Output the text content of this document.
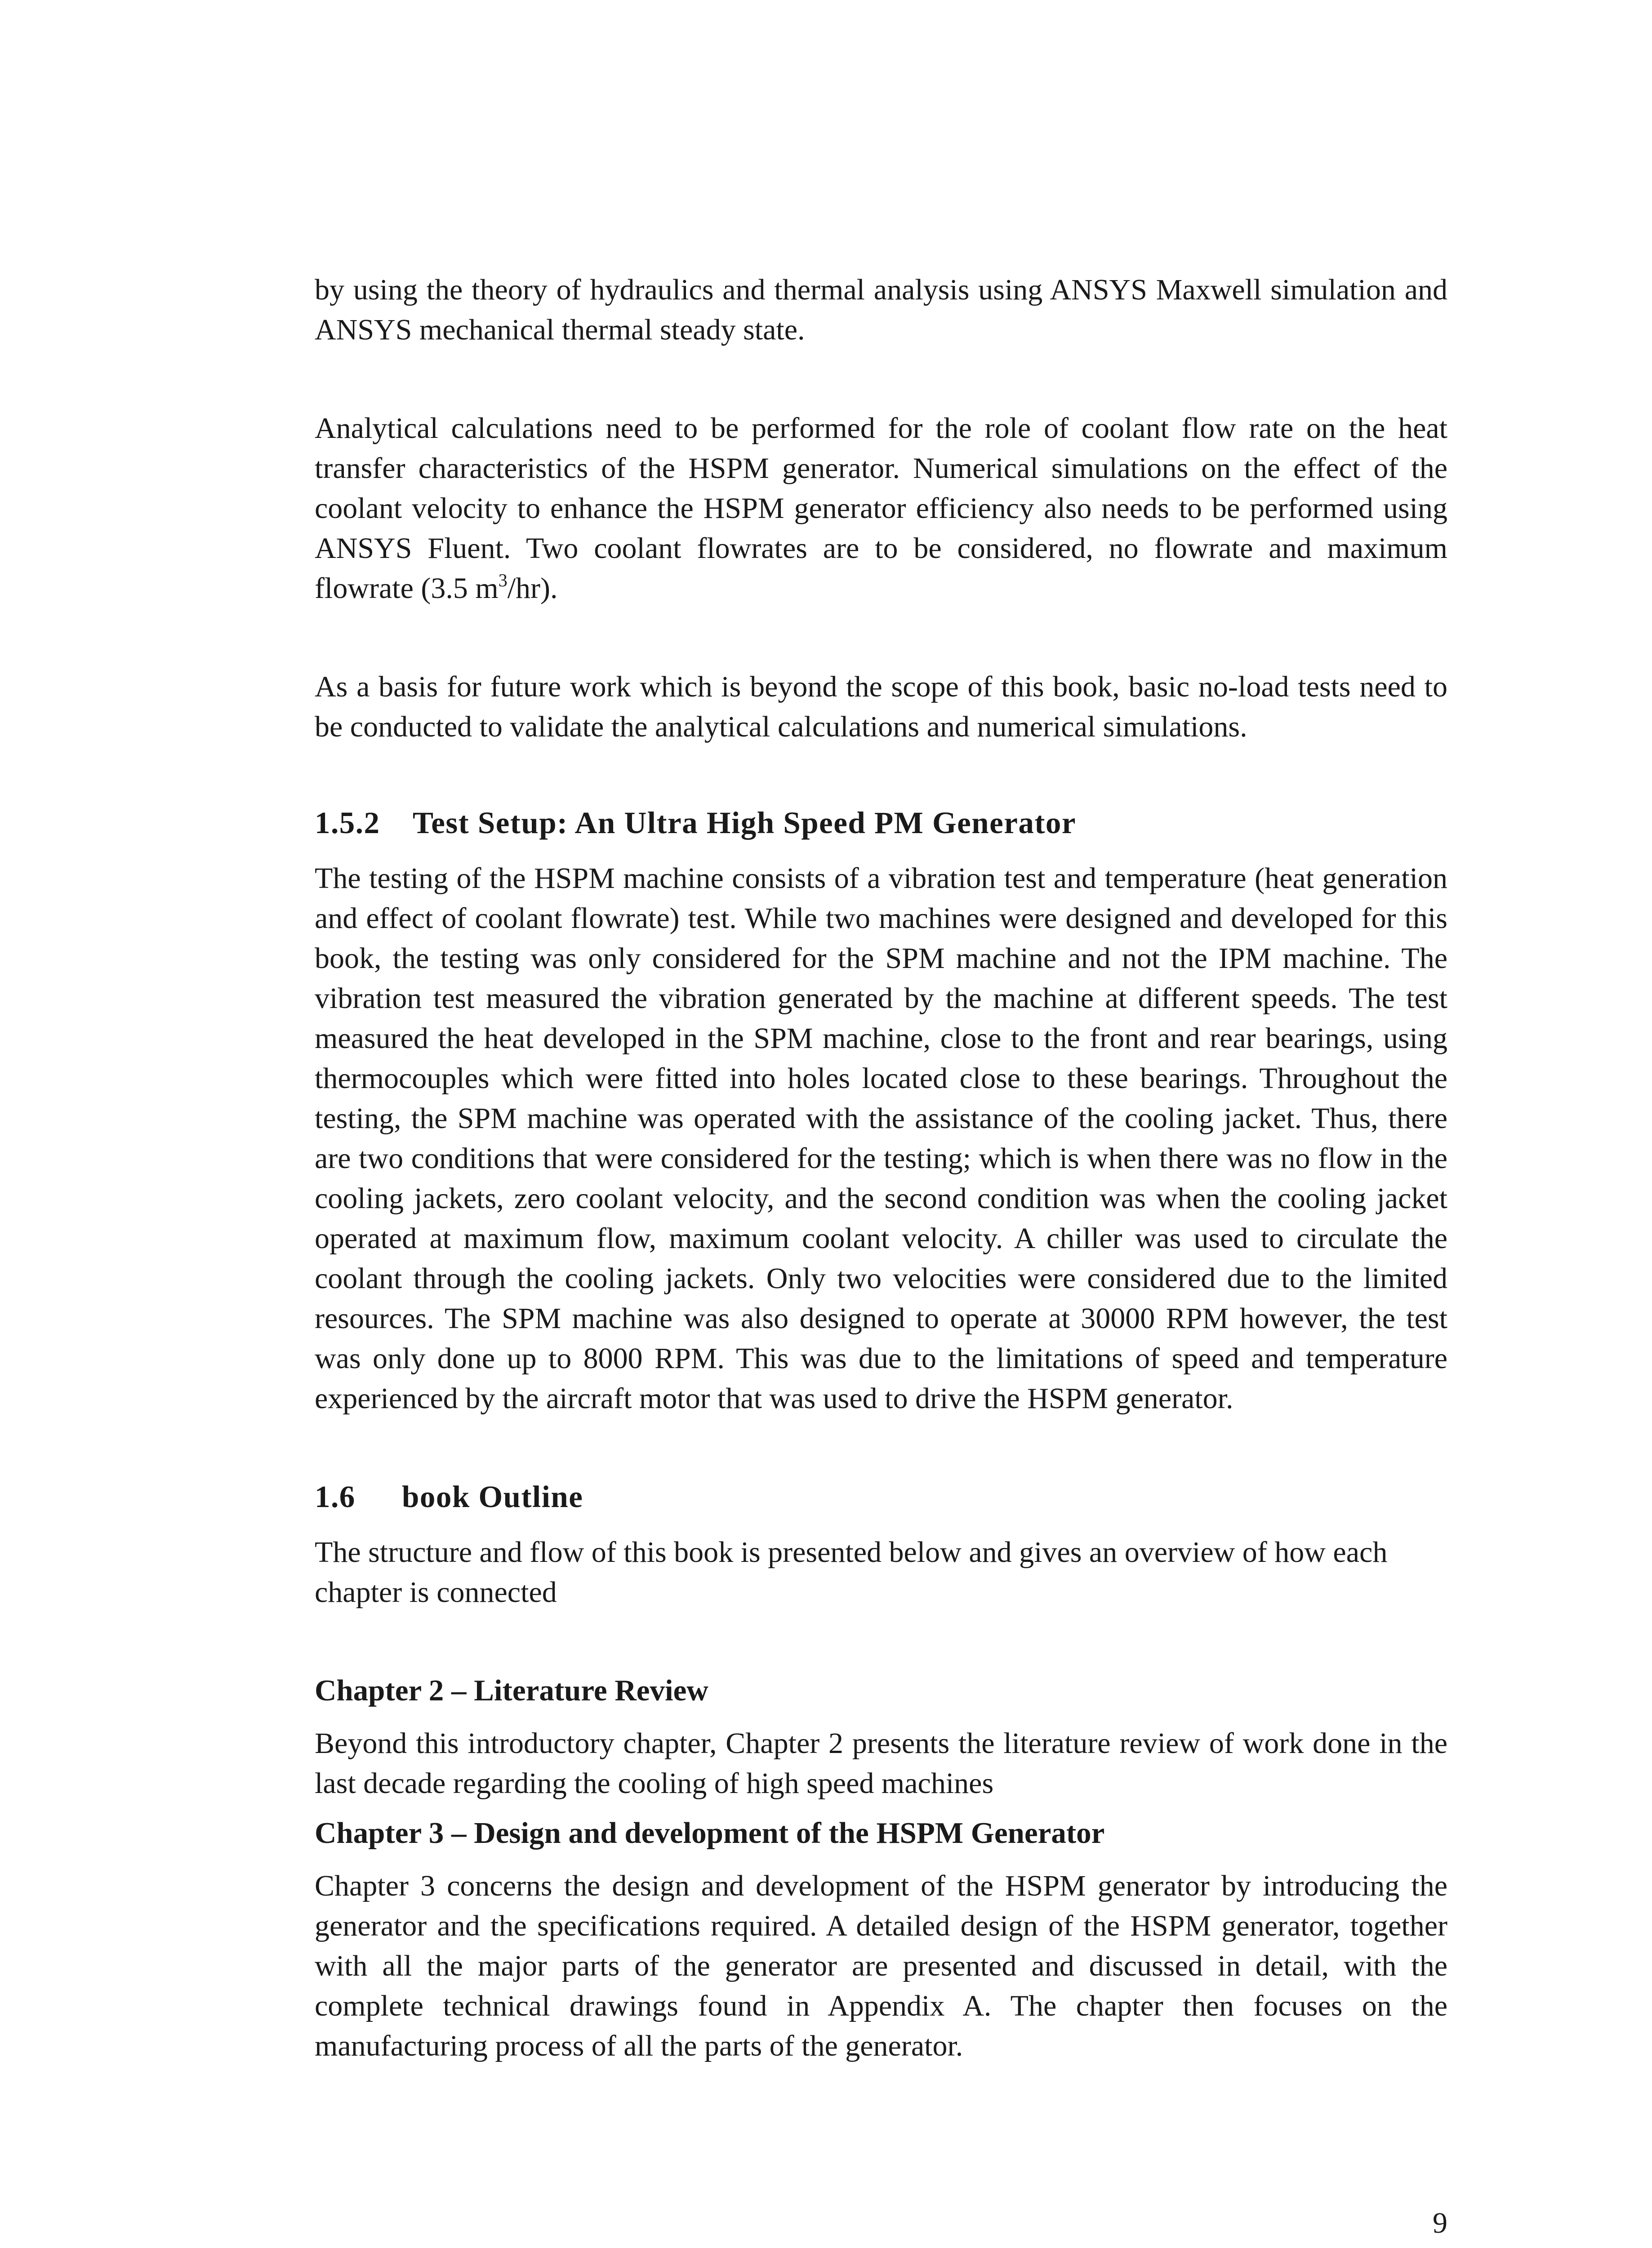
by using the theory of hydraulics and thermal analysis using ANSYS Maxwell simulation and ANSYS mechanical thermal steady state.

Analytical calculations need to be performed for the role of coolant flow rate on the heat transfer characteristics of the HSPM generator. Numerical simulations on the effect of the coolant velocity to enhance the HSPM generator efficiency also needs to be performed using ANSYS Fluent. Two coolant flowrates are to be considered, no flowrate and maximum flowrate (3.5 $m^3/hr$).

As a basis for future work which is beyond the scope of this book, basic no-load tests need to be conducted to validate the analytical calculations and numerical simulations.

1.5.2 Test Setup: An Ultra High Speed PM Generator

The testing of the HSPM machine consists of a vibration test and temperature (heat generation and effect of coolant flowrate) test. While two machines were designed and developed for this book, the testing was only considered for the SPM machine and not the IPM machine. The vibration test measured the vibration generated by the machine at different speeds. The test measured the heat developed in the SPM machine, close to the front and rear bearings, using thermocouples which were fitted into holes located close to these bearings. Throughout the testing, the SPM machine was operated with the assistance of the cooling jacket. Thus, there are two conditions that were considered for the testing; which is when there was no flow in the cooling jackets, zero coolant velocity, and the second condition was when the cooling jacket operated at maximum flow, maximum coolant velocity. A chiller was used to circulate the coolant through the cooling jackets. Only two velocities were considered due to the limited resources. The SPM machine was also designed to operate at 30000 RPM however, the test was only done up to 8000 RPM. This was due to the limitations of speed and temperature experienced by the aircraft motor that was used to drive the HSPM generator.

1.6 book Outline

The structure and flow of this book is presented below and gives an overview of how each chapter is connected

Chapter 2 – Literature Review

Beyond this introductory chapter, Chapter 2 presents the literature review of work done in the last decade regarding the cooling of high speed machines

Chapter 3 – Design and development of the HSPM Generator

Chapter 3 concerns the design and development of the HSPM generator by introducing the generator and the specifications required. A detailed design of the HSPM generator, together with all the major parts of the generator are presented and discussed in detail, with the complete technical drawings found in Appendix A. The chapter then focuses on the manufacturing process of all the parts of the generator.

9
